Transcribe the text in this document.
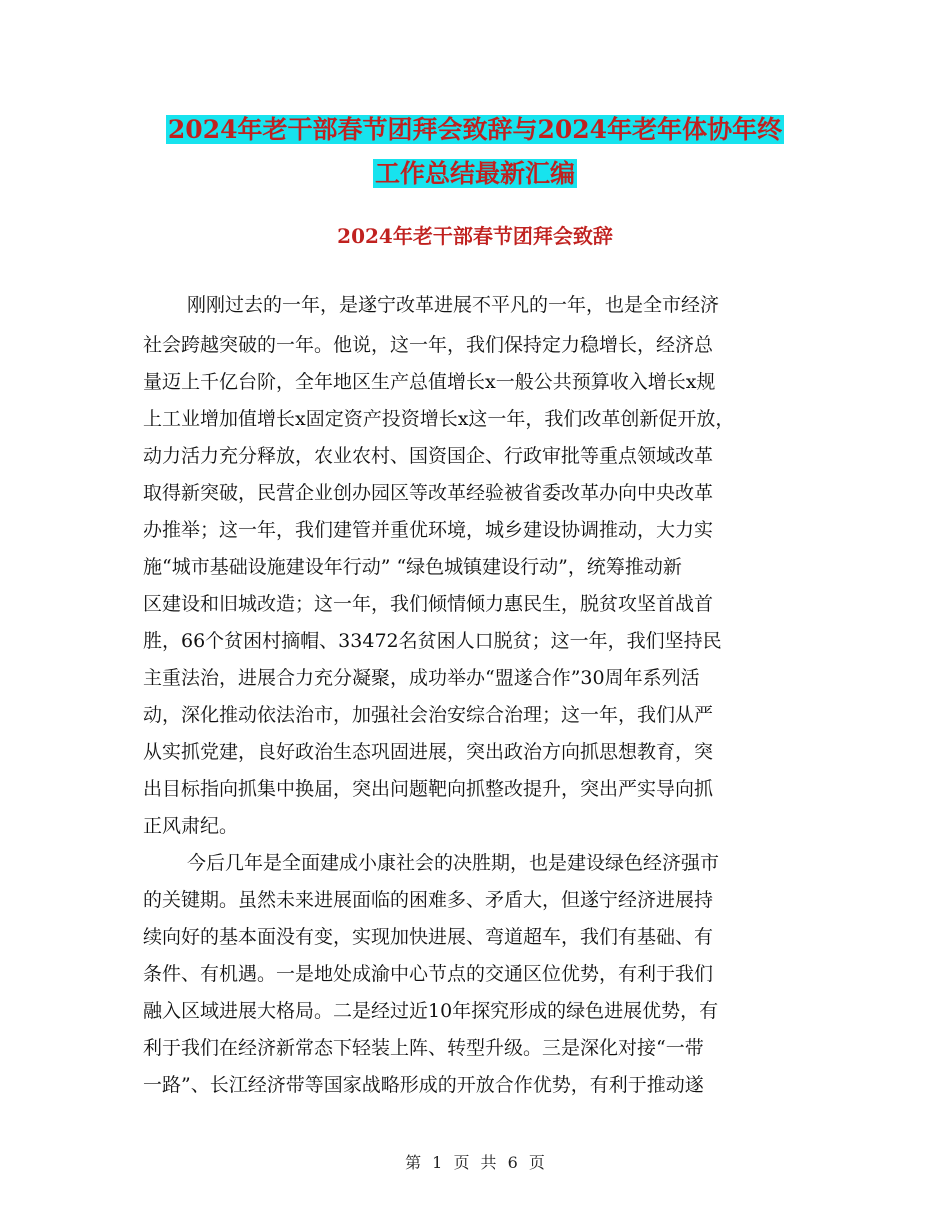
2024年老干部春节团拜会致辞与2024年老年体协年终
工作总结最新汇编
2024年老干部春节团拜会致辞
刚刚过去的一年，是遂宁改革进展不平凡的一年，也是全市经济
社会跨越突破的一年。他说，这一年，我们保持定力稳增长，经济总
量迈上千亿台阶，全年地区生产总值增长x一般公共预算收入增长x规
上工业增加值增长x固定资产投资增长x这一年，我们改革创新促开放，
动力活力充分释放，农业农村、国资国企、行政审批等重点领域改革
取得新突破，民营企业创办园区等改革经验被省委改革办向中央改革
办推举；这一年，我们建管并重优环境，城乡建设协调推动，大力实
施“城市基础设施建设年行动” “绿色城镇建设行动”，统筹推动新
区建设和旧城改造；这一年，我们倾情倾力惠民生，脱贫攻坚首战首
胜，66个贫困村摘帽、33472名贫困人口脱贫；这一年，我们坚持民
主重法治，进展合力充分凝聚，成功举办“盟遂合作”30周年系列活
动，深化推动依法治市，加强社会治安综合治理；这一年，我们从严
从实抓党建，良好政治生态巩固进展，突出政治方向抓思想教育，突
出目标指向抓集中换届，突出问题靶向抓整改提升，突出严实导向抓
正风肃纪。
今后几年是全面建成小康社会的决胜期，也是建设绿色经济强市
的关键期。虽然未来进展面临的困难多、矛盾大，但遂宁经济进展持
续向好的基本面没有变，实现加快进展、弯道超车，我们有基础、有
条件、有机遇。一是地处成渝中心节点的交通区位优势，有利于我们
融入区域进展大格局。二是经过近10年探究形成的绿色进展优势，有
利于我们在经济新常态下轻装上阵、转型升级。三是深化对接“一带
一路”、长江经济带等国家战略形成的开放合作优势，有利于推动遂
第 1 页 共 6 页
